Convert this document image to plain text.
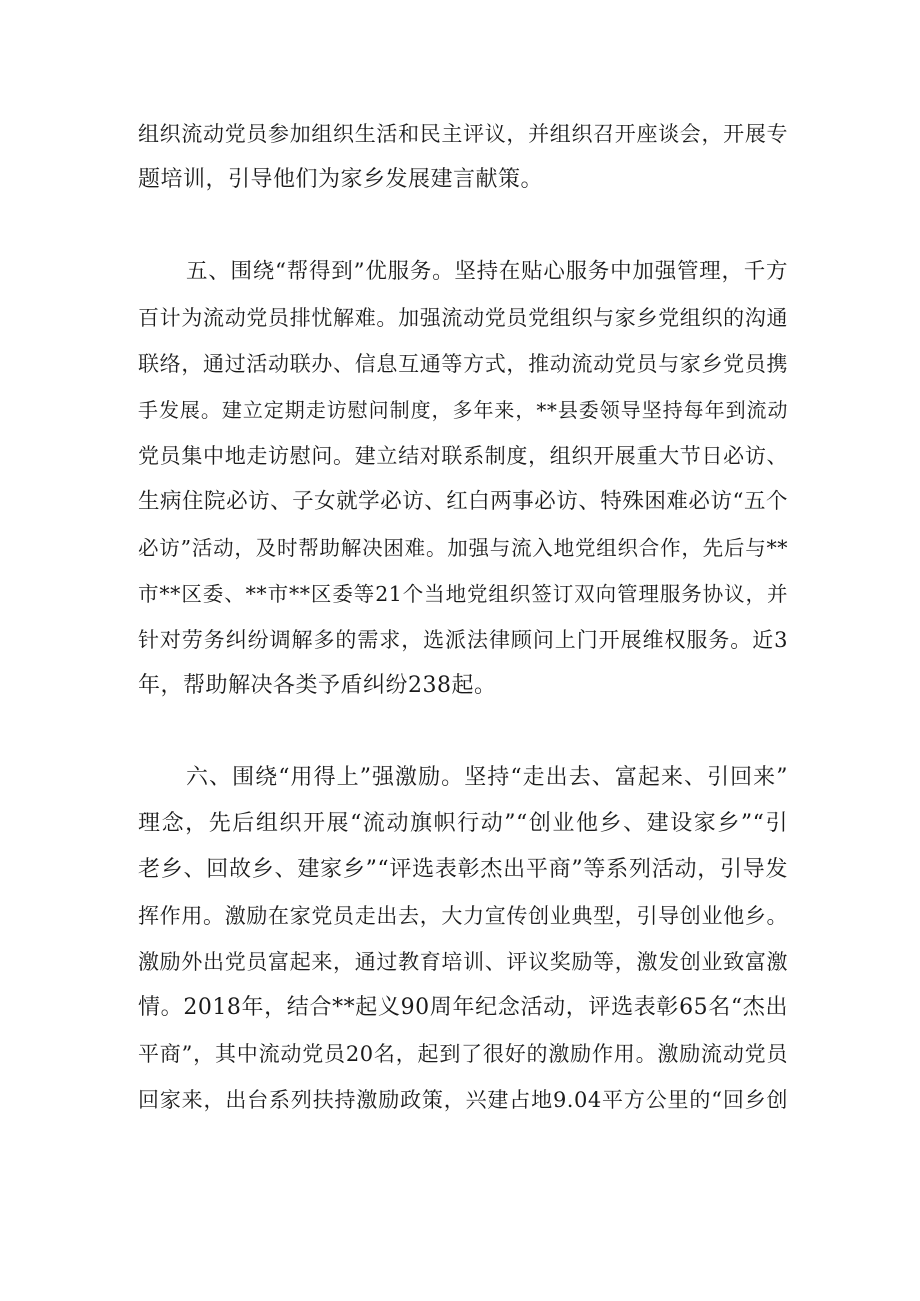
组织流动党员参加组织生活和民主评议，并组织召开座谈会，开展专

题培训，引导他们为家乡发展建言献策。

五、围绕“帮得到”优服务。坚持在贴心服务中加强管理，千方

百计为流动党员排忧解难。加强流动党员党组织与家乡党组织的沟通

联络，通过活动联办、信息互通等方式，推动流动党员与家乡党员携

手发展。建立定期走访慰问制度，多年来，**县委领导坚持每年到流动

党员集中地走访慰问。建立结对联系制度，组织开展重大节日必访、

生病住院必访、子女就学必访、红白两事必访、特殊困难必访“五个

必访”活动，及时帮助解决困难。加强与流入地党组织合作，先后与**

市**区委、**市**区委等21个当地党组织签订双向管理服务协议，并

针对劳务纠纷调解多的需求，选派法律顾问上门开展维权服务。近3

年，帮助解决各类予盾纠纷238起。

六、围绕“用得上”强激励。坚持“走出去、富起来、引回来”

理念，先后组织开展“流动旗帜行动”“创业他乡、建设家乡”“引

老乡、回故乡、建家乡”“评选表彰杰出平商”等系列活动，引导发

挥作用。激励在家党员走出去，大力宣传创业典型，引导创业他乡。

激励外出党员富起来，通过教育培训、评议奖励等，激发创业致富激

情。2018年，结合**起义90周年纪念活动，评选表彰65名“杰出

平商”，其中流动党员20名，起到了很好的激励作用。激励流动党员

回家来，出台系列扶持激励政策，兴建占地9.04平方公里的“回乡创
